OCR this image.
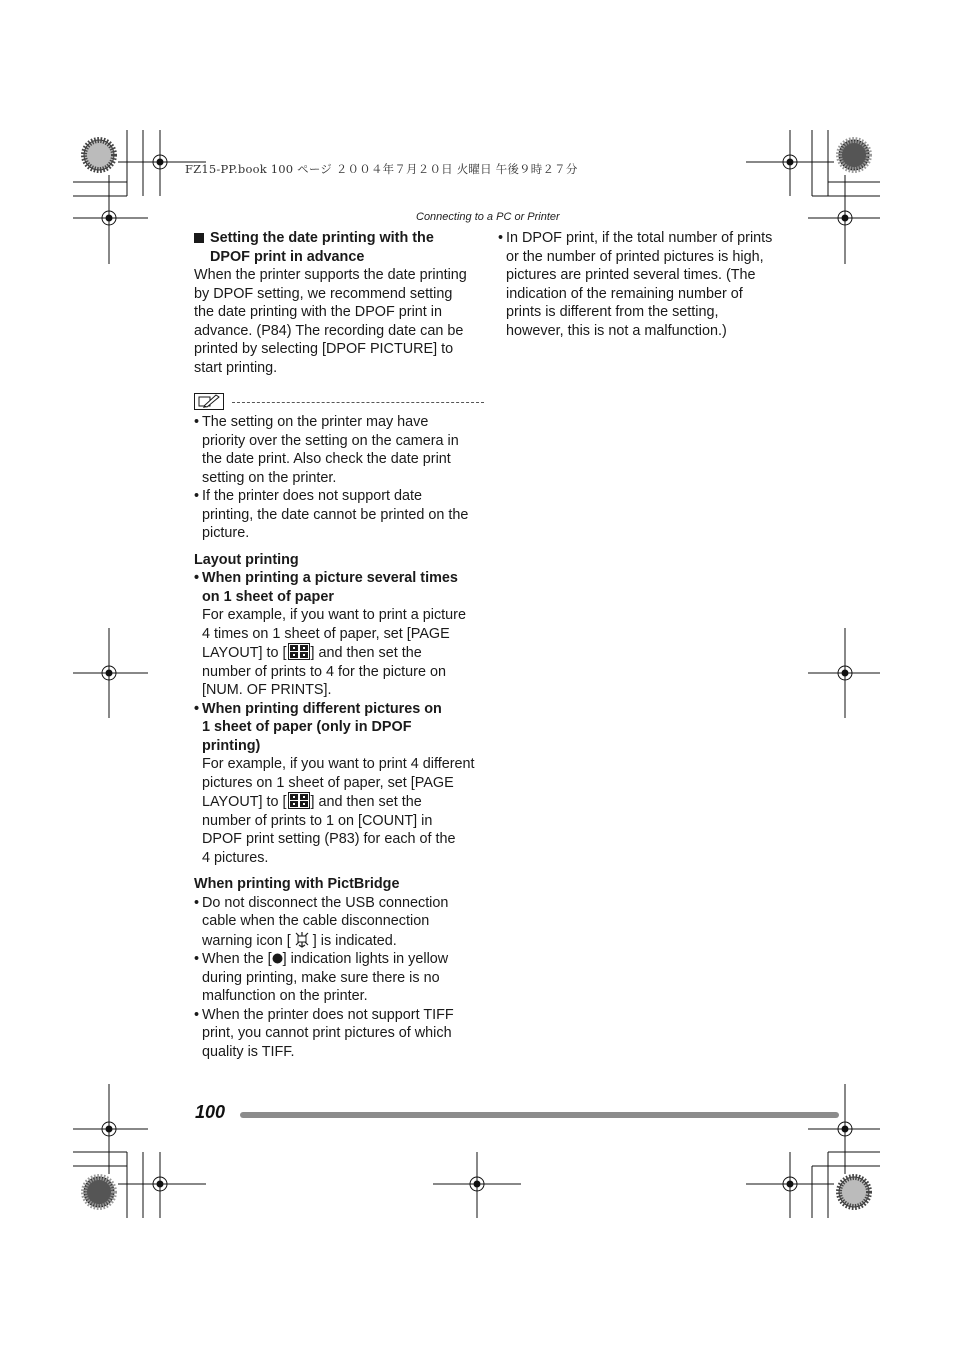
FZ15-PP.book 100 ページ ２００４年７月２０日 火曜日 午後９時２７分
Connecting to a PC or Printer

Setting the date printing with the

DPOF print in advance

When the printer supports the date printing

by DPOF setting, we recommend setting

the date printing with the DPOF print in

advance. (P84) The recording date can be

printed by selecting [DPOF PICTURE] to

start printing.

• The setting on the printer may have

priority over the setting on the camera in

the date print. Also check the date print

setting on the printer.

• If the printer does not support date

printing, the date cannot be printed on the

picture.

Layout printing

• When printing a picture several times

on 1 sheet of paper

For example, if you want to print a picture

4 times on 1 sheet of paper, set [PAGE

LAYOUT] to [ ] and then set the

number of prints to 4 for the picture on

[NUM. OF PRINTS].

• When printing different pictures on

1 sheet of paper (only in DPOF

printing)

For example, if you want to print 4 different

pictures on 1 sheet of paper, set [PAGE

LAYOUT] to [ ] and then set the

number of prints to 1 on [COUNT] in

DPOF print setting (P83) for each of the

4 pictures.

When printing with PictBridge

• Do not disconnect the USB connection

cable when the cable disconnection

warning icon [ ] is indicated.

• When the [ ] indication lights in yellow

during printing, make sure there is no

malfunction on the printer.

• When the printer does not support TIFF

print, you cannot print pictures of which

quality is TIFF.

• In DPOF print, if the total number of prints

or the number of printed pictures is high,

pictures are printed several times. (The

indication of the remaining number of

prints is different from the setting,

however, this is not a malfunction.)

100
